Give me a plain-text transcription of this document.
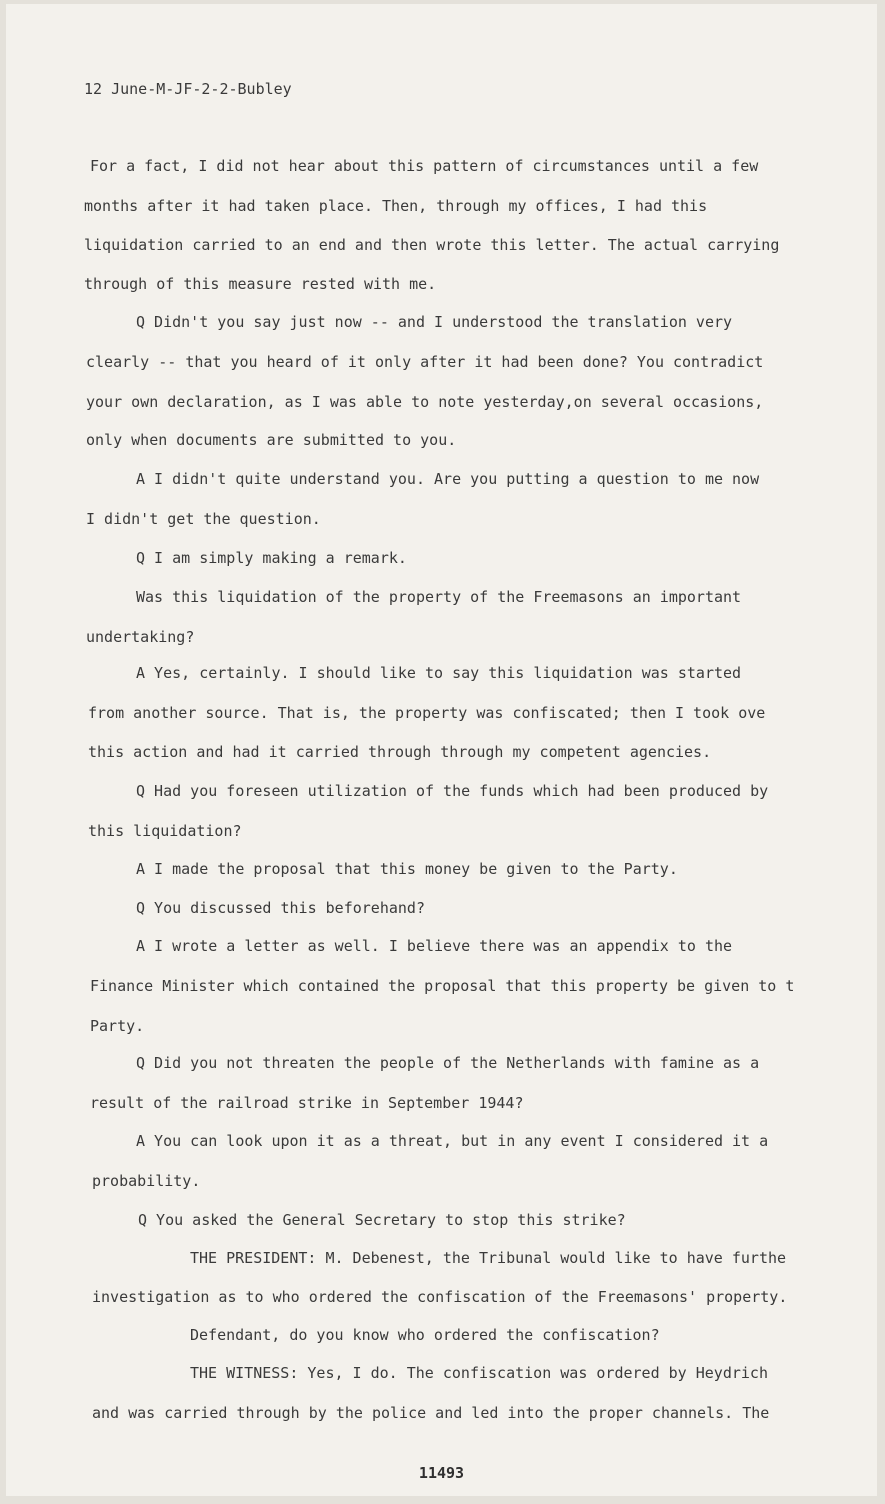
12 June-M-JF-2-2-Bubley
For a fact, I did not hear about this pattern of circumstances until a few
months after it had taken place. Then, through my offices, I had this
liquidation carried to an end and then wrote this letter. The actual carrying
through of this measure rested with me.
Q Didn't you say just now -- and I understood the translation very
clearly -- that you heard of it only after it had been done? You contradict
your own declaration, as I was able to note yesterday,on several occasions,
only when documents are submitted to you.
A I didn't quite understand you. Are you putting a question to me now
I didn't get the question.
Q I am simply making a remark.
Was this liquidation of the property of the Freemasons an important
undertaking?
A Yes, certainly. I should like to say this liquidation was started
from another source. That is, the property was confiscated; then I took ove
this action and had it carried through through my competent agencies.
Q Had you foreseen utilization of the funds which had been produced by
this liquidation?
A I made the proposal that this money be given to the Party.
Q You discussed this beforehand?
A I wrote a letter as well. I believe there was an appendix to the
Finance Minister which contained the proposal that this property be given to t
Party.
Q Did you not threaten the people of the Netherlands with famine as a
result of the railroad strike in September 1944?
A You can look upon it as a threat, but in any event I considered it a
probability.
Q You asked the General Secretary to stop this strike?
THE PRESIDENT: M. Debenest, the Tribunal would like to have furthe
investigation as to who ordered the confiscation of the Freemasons' property.
Defendant, do you know who ordered the confiscation?
THE WITNESS: Yes, I do. The confiscation was ordered by Heydrich
and was carried through by the police and led into the proper channels. The
11493
